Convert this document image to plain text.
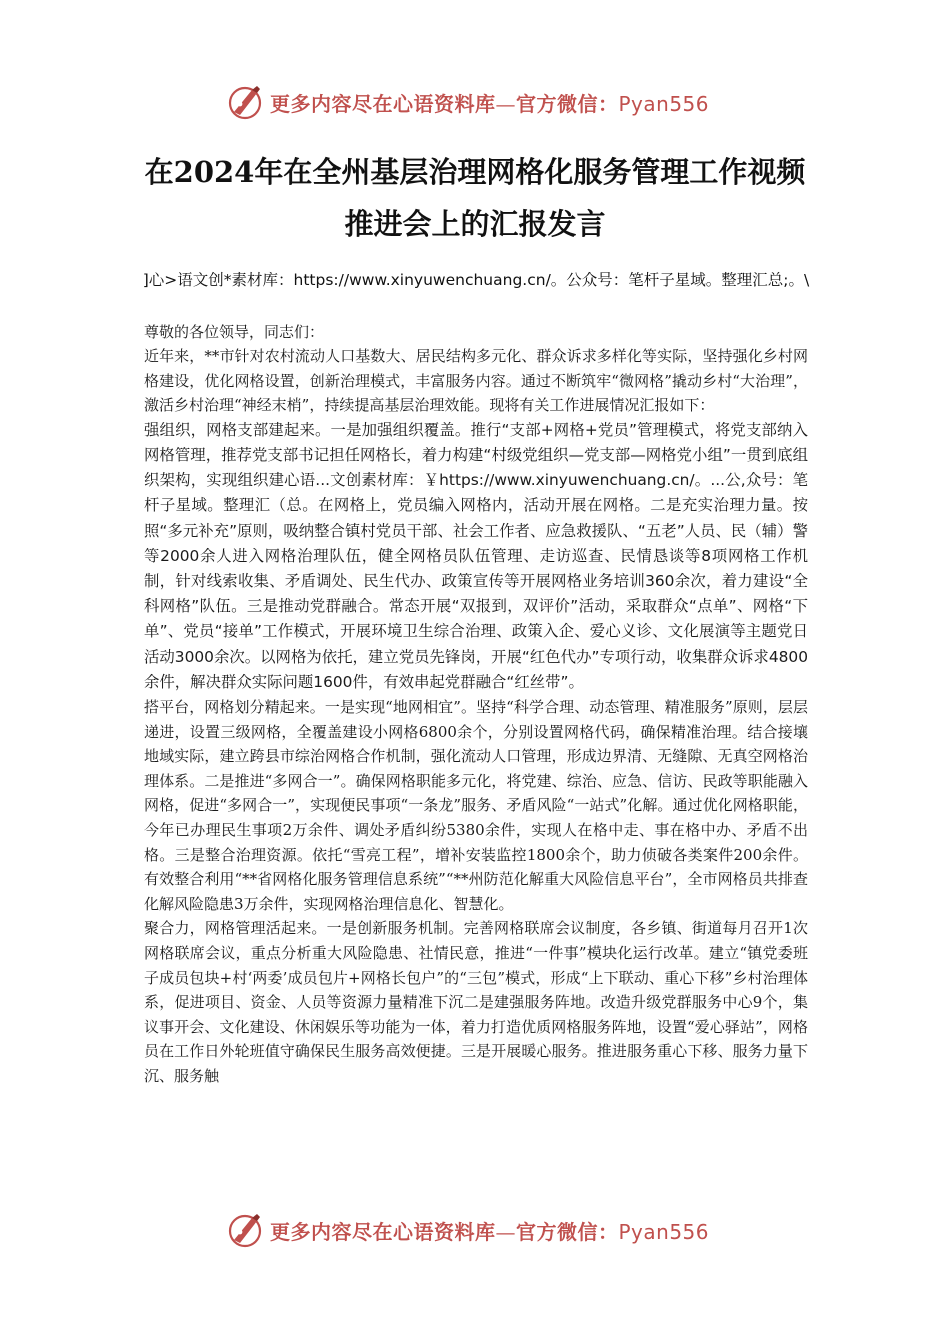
更多内容尽在心语资料库—官方微信：Pyan556
在2024年在全州基层治理网格化服务管理工作视频
推进会上的汇报发言
]心>语文创*素材库：https://www.xinyuwenchuang.cn/。公众号：笔杆子星域。整理汇总;。\

尊敬的各位领导，同志们：

近年来，**市针对农村流动人口基数大、居民结构多元化、群众诉求多样化等实际，坚持强化乡村网格建设，优化网格设置，创新治理模式，丰富服务内容。通过不断筑牢“微网格”撬动乡村“大治理”，激活乡村治理“神经末梢”，持续提高基层治理效能。现将有关工作进展情况汇报如下：

强组织，网格支部建起来。一是加强组织覆盖。推行“支部+网格+党员”管理模式，将党支部纳入网格管理，推荐党支部书记担任网格长，着力构建“村级党组织—党支部—网格党小组”一贯到底组织架构，实现组织建心语...文创素材库：￥https://www.xinyuwenchuang.cn/。...公,众号：笔杆子星域。整理汇（总。在网格上，党员编入网格内，活动开展在网格。二是充实治理力量。按照“多元补充”原则，吸纳整合镇村党员干部、社会工作者、应急救援队、“五老”人员、民（辅）警等2000余人进入网格治理队伍，健全网格员队伍管理、走访巡查、民情恳谈等8项网格工作机制，针对线索收集、矛盾调处、民生代办、政策宣传等开展网格业务培训360余次，着力建设“全科网格”队伍。三是推动党群融合。常态开展“双报到，双评价”活动，采取群众“点单”、网格“下单”、党员“接单”工作模式，开展环境卫生综合治理、政策入企、爱心义诊、文化展演等主题党日活动3000余次。以网格为依托，建立党员先锋岗，开展“红色代办”专项行动，收集群众诉求4800余件，解决群众实际问题1600件，有效串起党群融合“红丝带”。

搭平台，网格划分精起来。一是实现“地网相宜”。坚持“科学合理、动态管理、精准服务”原则，层层递进，设置三级网格，全覆盖建设小网格6800余个，分别设置网格代码，确保精准治理。结合接壤地域实际，建立跨县市综治网格合作机制，强化流动人口管理，形成边界清、无缝隙、无真空网格治理体系。二是推进“多网合一”。确保网格职能多元化，将党建、综治、应急、信访、民政等职能融入网格，促进“多网合一”，实现便民事项“一条龙”服务、矛盾风险“一站式”化解。通过优化网格职能，今年已办理民生事项2万余件、调处矛盾纠纷5380余件，实现人在格中走、事在格中办、矛盾不出格。三是整合治理资源。依托“雪亮工程”，增补安装监控1800余个，助力侦破各类案件200余件。有效整合利用“**省网格化服务管理信息系统”“**州防范化解重大风险信息平台”，全市网格员共排查化解风险隐患3万余件，实现网格治理信息化、智慧化。

聚合力，网格管理活起来。一是创新服务机制。完善网格联席会议制度，各乡镇、街道每月召开1次网格联席会议，重点分析重大风险隐患、社情民意，推进“一件事”模块化运行改革。建立“镇党委班子成员包块+村‘两委’成员包片+网格长包户”的“三包”模式，形成“上下联动、重心下移”乡村治理体系，促进项目、资金、人员等资源力量精准下沉二是建强服务阵地。改造升级党群服务中心9个，集议事开会、文化建设、休闲娱乐等功能为一体，着力打造优质网格服务阵地，设置“爱心驿站”，网格员在工作日外轮班值守确保民生服务高效便捷。三是开展暖心服务。推进服务重心下移、服务力量下沉、服务触

更多内容尽在心语资料库—官方微信：Pyan556
